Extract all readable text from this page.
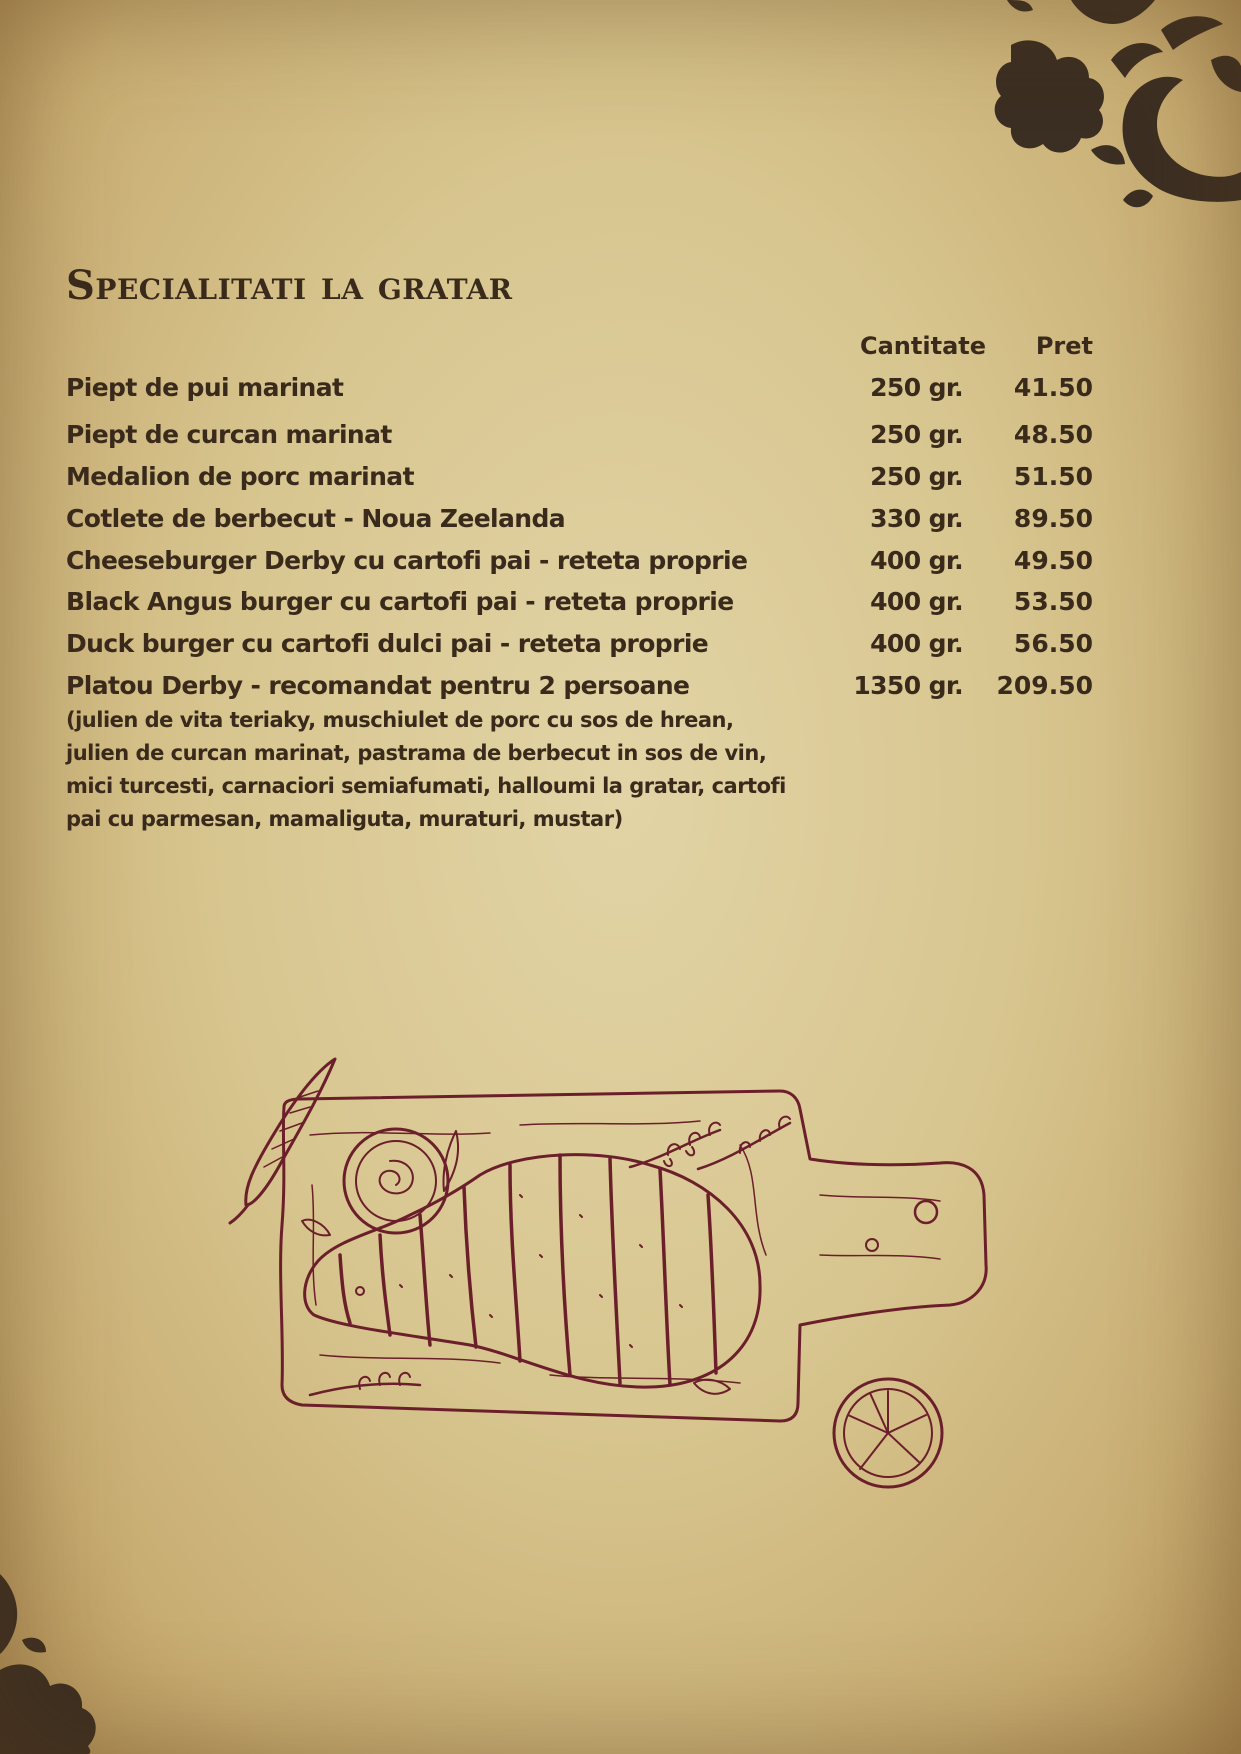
Specialitati la gratar
Cantitate Pret
Piept de pui marinat	250 gr. 41.50
Piept de curcan marinat	250 gr. 48.50
Medalion de porc marinat	250 gr. 51.50
Cotlete de berbecut - Noua Zeelanda	330 gr. 89.50
Cheeseburger Derby cu cartofi pai - reteta proprie	400 gr. 49.50
Black Angus burger cu cartofi pai - reteta proprie	400 gr. 53.50
Duck burger cu cartofi dulci pai - reteta proprie	400 gr. 56.50
Platou Derby - recomandat pentru 2 persoane	1350 gr. 209.50

(julien de vita teriaky, muschiulet de porc cu sos de hrean, julien de curcan marinat, pastrama de berbecut in sos de vin, mici turcesti, carnaciori semiafumati, halloumi la gratar, cartofi pai cu parmesan, mamaliguta, muraturi, mustar)
